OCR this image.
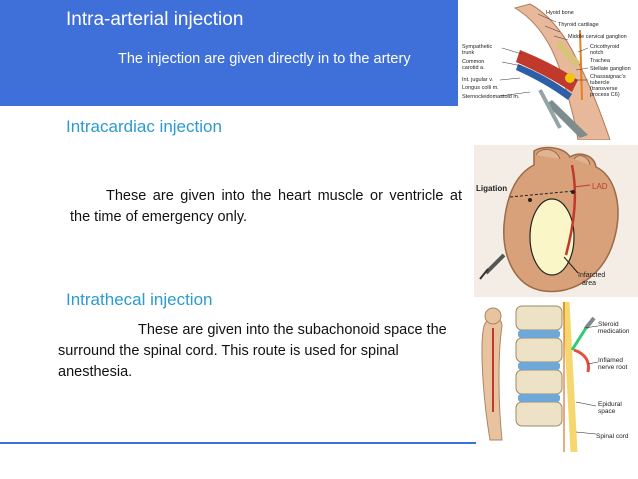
Intra-arterial injection
The injection are given directly in to the artery
Intracardiac injection
These are given into the heart muscle or ventricle at the time of emergency only.
Intrathecal injection
These are given into the subachonoid space the surround the spinal cord. This route is used for spinal anesthesia.
Hyoid bone
Thyroid cartilage
Middle cervical ganglion
Sympathetic
trunk
Common
carotid a.
Int. jugular v.
Longus colli m.
Sternocleidomastoid m.
Cricothyroid
notch
Trachea
Stellate ganglion
Chassaignac's
tubercle
(transverse
process C6)
Ligation	LAD
Infarcted
area
Steroid
medication
Inflamed
nerve root
Epidural
space
Spinal cord
